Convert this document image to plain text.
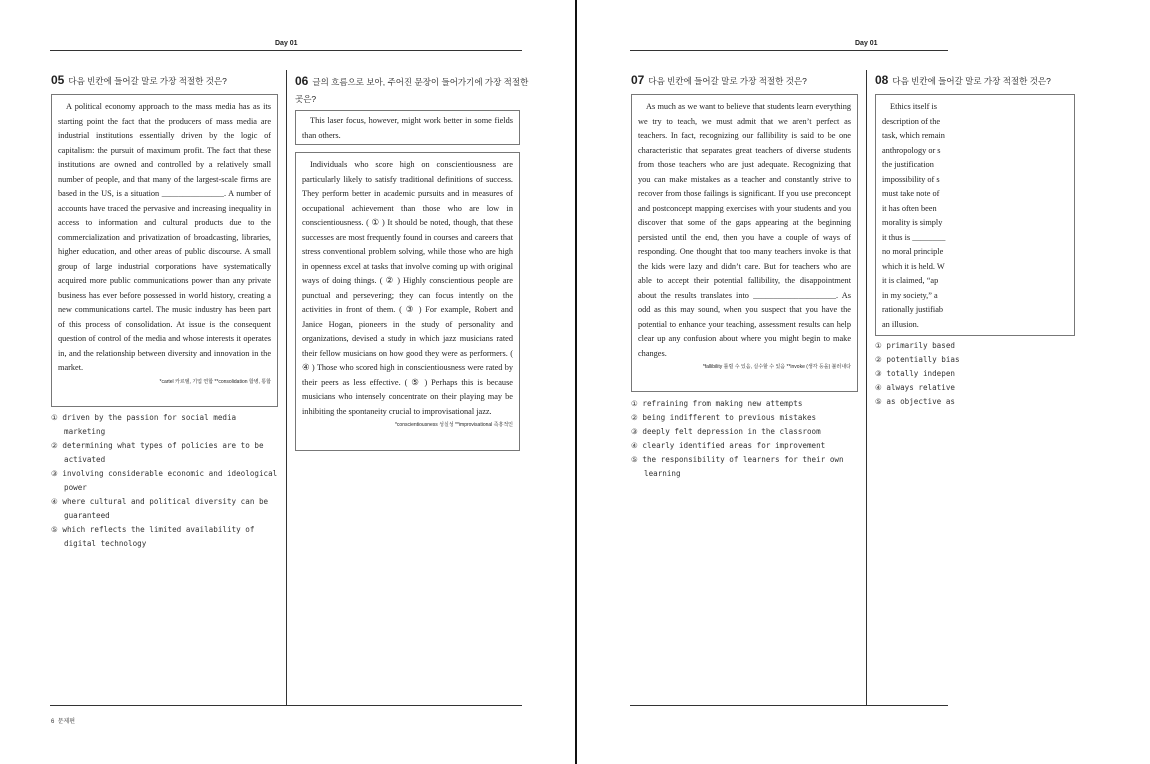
Day 01
05 다음 빈칸에 들어갈 말로 가장 적절한 것은?

A political economy approach to the mass media has as its starting point the fact that the producers of mass media are industrial institutions essentially driven by the logic of capitalism: the pursuit of maximum profit. The fact that these institutions are owned and controlled by a relatively small number of people, and that many of the largest-scale firms are based in the US, is a situation _______________. A number of accounts have traced the pervasive and increasing inequality in access to information and cultural products due to the commercialization and privatization of broadcasting, libraries, higher education, and other areas of public discourse. A small group of large industrial corporations have systematically acquired more public communications power than any private business has ever before possessed in world history, creating a new communications cartel. The music industry has been part of this process of consolidation. At issue is the consequent question of control of the media and whose interests it operates in, and the relationship between diversity and innovation in the market.

*cartel 카르텔, 기업 연합 **consolidation 합병, 통합
① driven by the passion for social media marketing
② determining what types of policies are to be activated
③ involving considerable economic and ideological power
④ where cultural and political diversity can be guaranteed
⑤ which reflects the limited availability of digital technology
06 글의 흐름으로 보아, 주어진 문장이 들어가기에 가장 적절한
곳은?

This laser focus, however, might work better in some fields than others.

Individuals who score high on conscientiousness are particularly likely to satisfy traditional definitions of success. They perform better in academic pursuits and in measures of occupational achievement than those who are low in conscientiousness. ( ① ) It should be noted, though, that these successes are most frequently found in courses and careers that stress conventional problem solving, while those who are high in openness excel at tasks that involve coming up with original ways of doing things. ( ② ) Highly conscientious people are punctual and persevering; they can focus intently on the activities in front of them. ( ③ ) For example, Robert and Janice Hogan, pioneers in the study of personality and organizations, devised a study in which jazz musicians rated their fellow musicians on how good they were as performers. ( ④ ) Those who scored high in conscientiousness were rated by their peers as less effective. ( ⑤ ) Perhaps this is because musicians who intensely concentrate on their playing may be inhibiting the spontaneity crucial to improvisational jazz.

*conscientiousness 성실성 **improvisational 즉흥적인
6 문제편
Day 01
07 다음 빈칸에 들어갈 말로 가장 적절한 것은?

As much as we want to believe that students learn everything we try to teach, we must admit that we aren’t perfect as teachers. In fact, recognizing our fallibility is said to be one characteristic that separates great teachers of diverse students from those teachers who are just adequate. Recognizing that you can make mistakes as a teacher and constantly strive to recover from those failings is significant. If you use preconcept and postconcept mapping exercises with your students and you discover that some of the gaps appearing at the beginning persisted until the end, then you have a couple of ways of responding. One thought that too many teachers invoke is that the kids were lazy and didn’t care. But for teachers who are able to accept their potential fallibility, the disappointment about the results translates into ____________________. As odd as this may sound, when you suspect that you have the potential to enhance your teaching, assessment results can help clear up any confusion about where you might begin to make changes.

*fallibility 틀릴 수 있음, 실수할 수 있음 **invoke (생각 등을) 불러내다
① refraining from making new attempts
② being indifferent to previous mistakes
③ deeply felt depression in the classroom
④ clearly identified areas for improvement
⑤ the responsibility of learners for their own learning
08 다음 빈칸에 들어갈 말로 가장 적절한 것은?
Ethics itself is
description of the
task, which remain
anthropology or s
the justification
impossibility of s
must take note of
it has often been
morality is simply
it thus is ________
no moral principle
which it is held. W
it is claimed, “ap
in my society,” a
rationally justifiab
an illusion.
① primarily based
② potentially bias
③ totally indepen
④ always relative
⑤ as objective as
